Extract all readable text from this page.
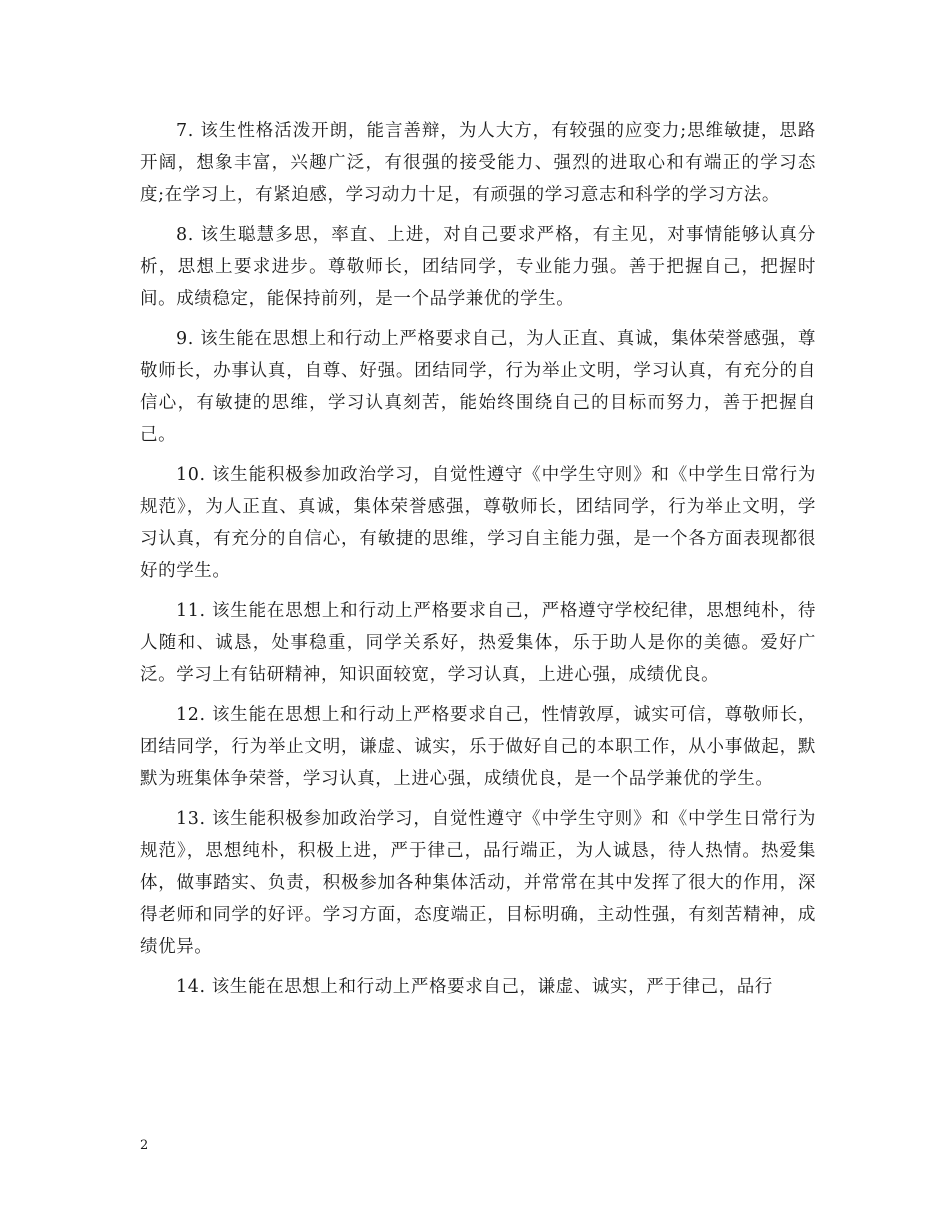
7. 该生性格活泼开朗，能言善辩，为人大方，有较强的应变力;思维敏捷，思路开阔，想象丰富，兴趣广泛，有很强的接受能力、强烈的进取心和有端正的学习态度;在学习上，有紧迫感，学习动力十足，有顽强的学习意志和科学的学习方法。

8. 该生聪慧多思，率直、上进，对自己要求严格，有主见，对事情能够认真分析，思想上要求进步。尊敬师长，团结同学，专业能力强。善于把握自己，把握时间。成绩稳定，能保持前列，是一个品学兼优的学生。

9. 该生能在思想上和行动上严格要求自己，为人正直、真诚，集体荣誉感强，尊敬师长，办事认真，自尊、好强。团结同学，行为举止文明，学习认真，有充分的自信心，有敏捷的思维，学习认真刻苦，能始终围绕自己的目标而努力，善于把握自己。

10. 该生能积极参加政治学习，自觉性遵守《中学生守则》和《中学生日常行为规范》，为人正直、真诚，集体荣誉感强，尊敬师长，团结同学，行为举止文明，学习认真，有充分的自信心，有敏捷的思维，学习自主能力强，是一个各方面表现都很好的学生。

11. 该生能在思想上和行动上严格要求自己，严格遵守学校纪律，思想纯朴，待人随和、诚恳，处事稳重，同学关系好，热爱集体，乐于助人是你的美德。爱好广泛。学习上有钻研精神，知识面较宽，学习认真，上进心强，成绩优良。

12. 该生能在思想上和行动上严格要求自己，性情敦厚，诚实可信，尊敬师长，团结同学，行为举止文明，谦虚、诚实，乐于做好自己的本职工作，从小事做起，默默为班集体争荣誉，学习认真，上进心强，成绩优良，是一个品学兼优的学生。

13. 该生能积极参加政治学习，自觉性遵守《中学生守则》和《中学生日常行为规范》，思想纯朴，积极上进，严于律己，品行端正，为人诚恳，待人热情。热爱集体，做事踏实、负责，积极参加各种集体活动，并常常在其中发挥了很大的作用，深得老师和同学的好评。学习方面，态度端正，目标明确，主动性强，有刻苦精神，成绩优异。

14. 该生能在思想上和行动上严格要求自己，谦虚、诚实，严于律己，品行

2
